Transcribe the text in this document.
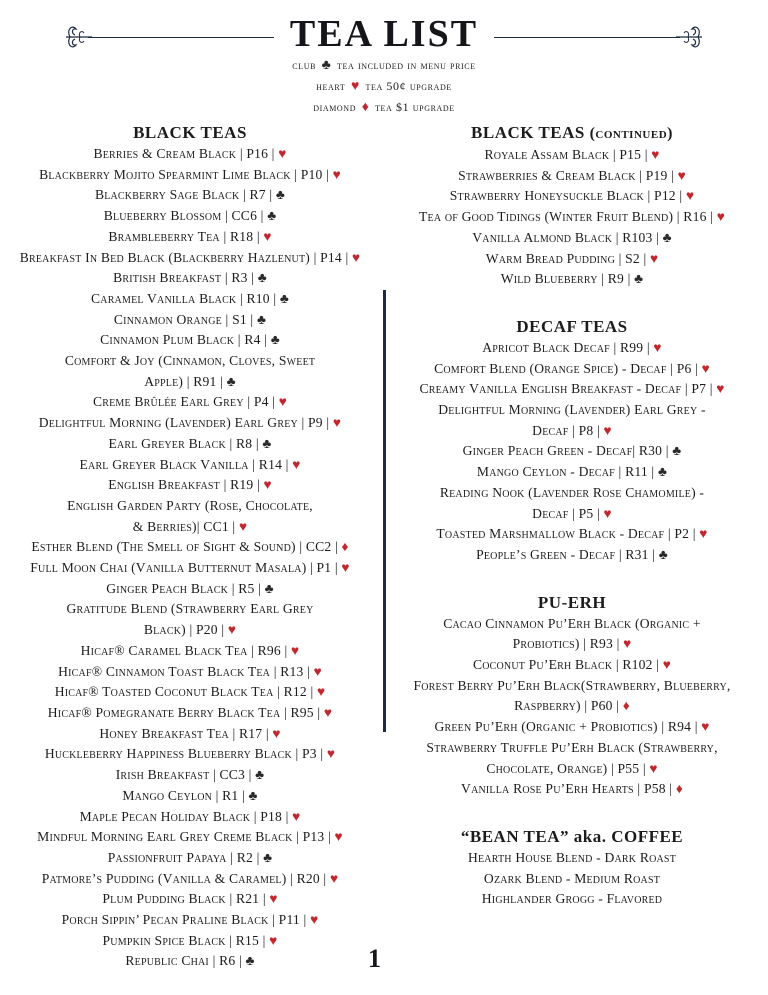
TEA LIST
club ♣ tea included in menu price
heart ♥ tea 50¢ upgrade
diamond ♦ tea $1 upgrade
BLACK TEAS
Berries & Cream Black | P16 | ♥
Blackberry Mojito Spearmint Lime Black | P10 | ♥
Blackberry Sage Black | R7 | ♣
Blueberry Blossom | CC6 | ♣
Brambleberry Tea | R18 | ♥
Breakfast In Bed Black (Blackberry Hazlenut) | P14 | ♥
British Breakfast | R3 | ♣
Caramel Vanilla Black | R10 | ♣
Cinnamon Orange | S1 | ♣
Cinnamon Plum Black | R4 | ♣
Comfort & Joy (Cinnamon, Cloves, Sweet
Apple) | R91 | ♣
Creme Brûlée Earl Grey | P4 | ♥
Delightful Morning (Lavender) Earl Grey | P9 | ♥
Earl Greyer Black | R8 | ♣
Earl Greyer Black Vanilla | R14 | ♥
English Breakfast | R19 | ♥
English Garden Party (Rose, Chocolate,
& Berries)| CC1 | ♥
Esther Blend (The Smell of Sight & Sound) | CC2 | ♦
Full Moon Chai (Vanilla Butternut Masala) | P1 | ♥
Ginger Peach Black | R5 | ♣
Gratitude Blend (Strawberry Earl Grey
Black) | P20 | ♥
Hicaf® Caramel Black Tea | R96 | ♥
Hicaf® Cinnamon Toast Black Tea | R13 | ♥
Hicaf® Toasted Coconut Black Tea | R12 | ♥
Hicaf® Pomegranate Berry Black Tea | R95 | ♥
Honey Breakfast Tea | R17 | ♥
Huckleberry Happiness Blueberry Black | P3 | ♥
Irish Breakfast | CC3 | ♣
Mango Ceylon | R1 | ♣
Maple Pecan Holiday Black | P18 | ♥
Mindful Morning Earl Grey Creme Black | P13 | ♥
Passionfruit Papaya | R2 | ♣
Patmore’s Pudding (Vanilla & Caramel) | R20 | ♥
Plum Pudding Black | R21 | ♥
Porch Sippin’ Pecan Praline Black | P11 | ♥
Pumpkin Spice Black | R15 | ♥
Republic Chai | R6 | ♣
BLACK TEAS (continued)
Royale Assam Black | P15 | ♥
Strawberries & Cream Black | P19 | ♥
Strawberry Honeysuckle Black | P12 | ♥
Tea of Good Tidings (Winter Fruit Blend) | R16 | ♥
Vanilla Almond Black | R103 | ♣
Warm Bread Pudding | S2 | ♥
Wild Blueberry | R9 | ♣
DECAF TEAS
Apricot Black Decaf | R99 | ♥
Comfort Blend (Orange Spice) - Decaf | P6 | ♥
Creamy Vanilla English Breakfast - Decaf | P7 | ♥
Delightful Morning (Lavender) Earl Grey -
Decaf | P8 | ♥
Ginger Peach Green - Decaf| R30 | ♣
Mango Ceylon - Decaf | R11 | ♣
Reading Nook (Lavender Rose Chamomile) -
Decaf | P5 | ♥
Toasted Marshmallow Black - Decaf | P2 | ♥
People’s Green - Decaf | R31 | ♣
PU-ERH
Cacao Cinnamon Pu’Erh Black (Organic +
Probiotics) | R93 | ♥
Coconut Pu’Erh Black | R102 | ♥
Forest Berry Pu’Erh Black(Strawberry, Blueberry,
Raspberry) | P60 | ♦
Green Pu’Erh (Organic + Probiotics) | R94 | ♥
Strawberry Truffle Pu’Erh Black (Strawberry,
Chocolate, Orange) | P55 | ♥
Vanilla Rose Pu’Erh Hearts | P58 | ♦
“BEAN TEA” aka. COFFEE
Hearth House Blend - Dark Roast
Ozark Blend - Medium Roast
Highlander Grogg - Flavored
1
